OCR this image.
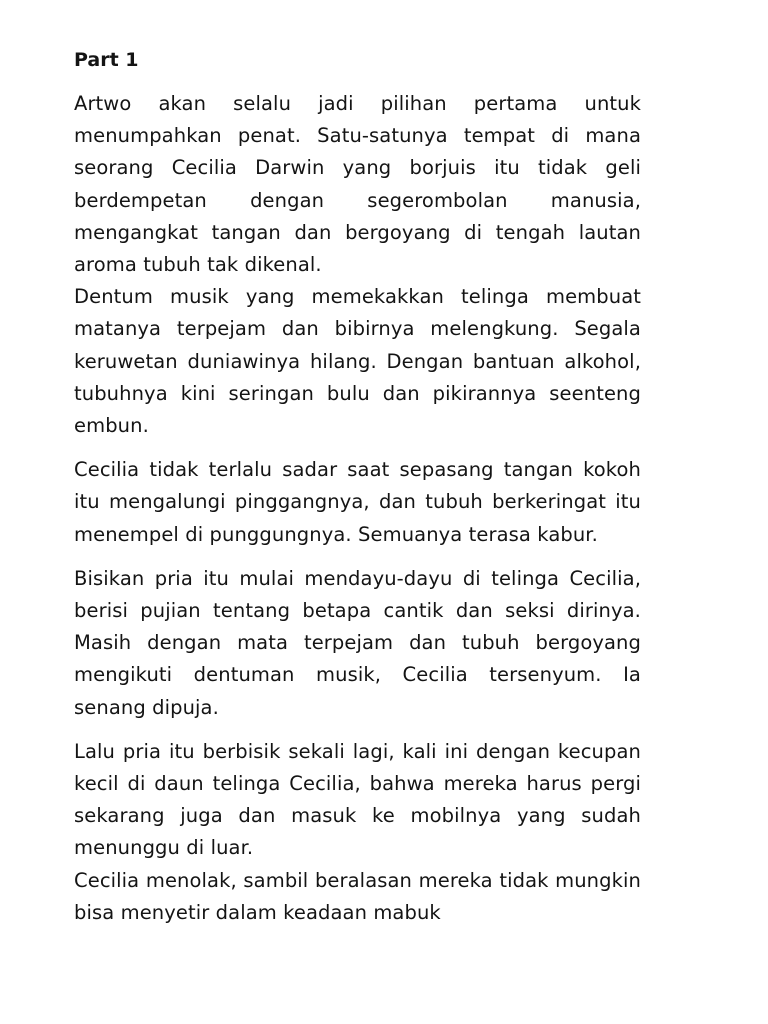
Part 1

Artwo akan selalu jadi pilihan pertama untuk menumpahkan penat. Satu-satunya tempat di mana seorang Cecilia Darwin yang borjuis itu tidak geli berdempetan dengan segerombolan manusia, mengangkat tangan dan bergoyang di tengah lautan aroma tubuh tak dikenal.

Dentum musik yang memekakkan telinga membuat matanya terpejam dan bibirnya melengkung. Segala keruwetan duniawinya hilang. Dengan bantuan alkohol, tubuhnya kini seringan bulu dan pikirannya seenteng embun.

Cecilia tidak terlalu sadar saat sepasang tangan kokoh itu mengalungi pinggangnya, dan tubuh berkeringat itu menempel di punggungnya. Semuanya terasa kabur.

Bisikan pria itu mulai mendayu-dayu di telinga Cecilia, berisi pujian tentang betapa cantik dan seksi dirinya. Masih dengan mata terpejam dan tubuh bergoyang mengikuti dentuman musik, Cecilia tersenyum. Ia senang dipuja.

Lalu pria itu berbisik sekali lagi, kali ini dengan kecupan kecil di daun telinga Cecilia, bahwa mereka harus pergi sekarang juga dan masuk ke mobilnya yang sudah menunggu di luar.

Cecilia menolak, sambil beralasan mereka tidak mungkin bisa menyetir dalam keadaan mabuk
